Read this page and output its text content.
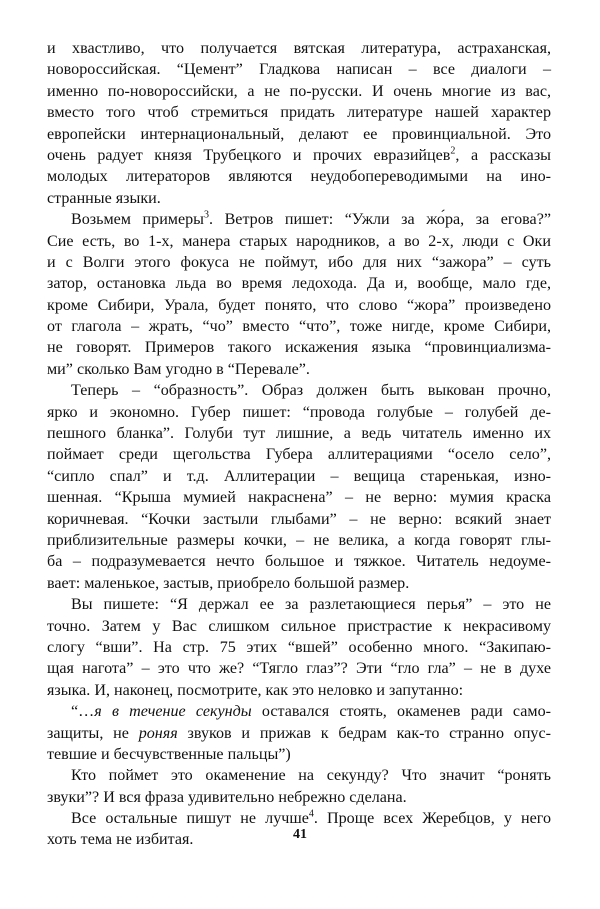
и хвастливо, что получается вятская литература, астраханская,
новороссийская. “Цемент” Гладкова написан – все диалоги –
именно по-новороссийски, а не по-русски. И очень многие из вас,
вместо того чтоб стремиться придать литературе нашей характер
европейски интернациональный, делают ее провинциальной. Это
очень радует князя Трубецкого и прочих евразийцев$^2$, а рассказы
молодых литераторов являются неудобопереводимыми на ино-
странные языки.
Возьмем примеры$^3$. Ветров пишет: “Ужли за жо́ра, за егова?”
Сие есть, во 1-х, манера старых народников, а во 2-х, люди с Оки
и с Волги этого фокуса не поймут, ибо для них “зажора” – суть
затор, остановка льда во время ледохода. Да и, вообще, мало где,
кроме Сибири, Урала, будет понято, что слово “жора” произведено
от глагола – жрать, “чо” вместо “что”, тоже нигде, кроме Сибири,
не говорят. Примеров такого искажения языка “провинциализма-
ми” сколько Вам угодно в “Перевале”.
Теперь – “образность”. Образ должен быть выкован прочно,
ярко и экономно. Губер пишет: “провода голубые – голубей де-
пешного бланка”. Голуби тут лишние, а ведь читатель именно их
поймает среди щегольства Губера аллитерациями “осело село”,
“сипло спал” и т.д. Аллитерации – вещица старенькая, изно-
шенная. “Крыша мумией накраснена” – не верно: мумия краска
коричневая. “Кочки застыли глыбами” – не верно: всякий знает
приблизительные размеры кочки, – не велика, а когда говорят глы-
ба – подразумевается нечто большое и тяжкое. Читатель недоуме-
вает: маленькое, застыв, приобрело большой размер.
Вы пишете: “Я держал ее за разлетающиеся перья” – это не
точно. Затем у Вас слишком сильное пристрастие к некрасивому
слогу “вши”. На стр. 75 этих “вшей” особенно много. “Закипаю-
щая нагота” – это что же? “Тягло глаз”? Эти “гло гла” – не в духе
языка. И, наконец, посмотрите, как это неловко и запутанно:
“…я в течение секунды оставался стоять, окаменев ради само-
защиты, не роняя звуков и прижав к бедрам как-то странно опус-
тевшие и бесчувственные пальцы”)
Кто поймет это окаменение на секунду? Что значит “ронять
звуки”? И вся фраза удивительно небрежно сделана.
Все остальные пишут не лучше$^4$. Проще всех Жеребцов, у него
хоть тема не избитая.	41
